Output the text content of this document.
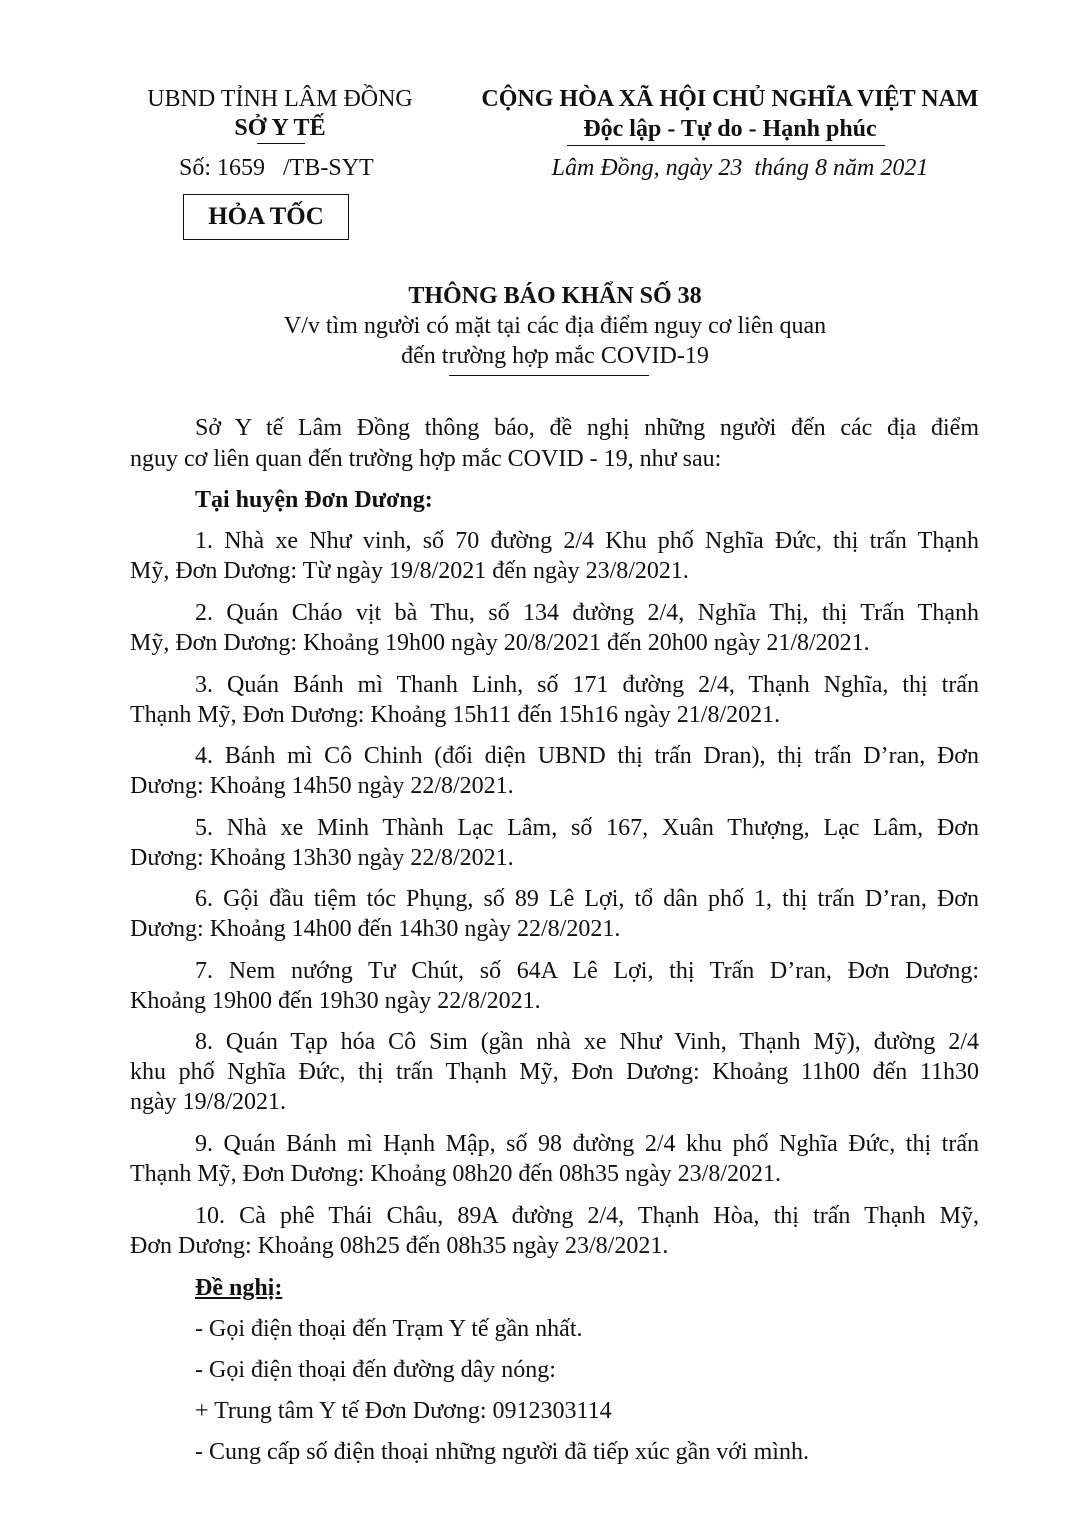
UBND TỈNH LÂM ĐỒNG
SỞ Y TẾ
Số: 1659   /TB-SYT
HỎA TỐC
CỘNG HÒA XÃ HỘI CHỦ NGHĨA VIỆT NAM
Độc lập - Tự do - Hạnh phúc
Lâm Đồng, ngày 23  tháng 8 năm 2021
THÔNG BÁO KHẨN SỐ 38
V/v tìm người có mặt tại các địa điểm nguy cơ liên quan
đến trường hợp mắc COVID-19
Sở Y tế Lâm Đồng thông báo, đề nghị những người đến các địa điểm
nguy cơ liên quan đến trường hợp mắc COVID - 19, như sau:
Tại huyện Đơn Dương:
1. Nhà xe Như vinh, số 70 đường 2/4 Khu phố Nghĩa Đức, thị trấn Thạnh
Mỹ, Đơn Dương: Từ ngày 19/8/2021 đến ngày 23/8/2021.
2. Quán Cháo vịt bà Thu, số 134 đường 2/4, Nghĩa Thị, thị Trấn Thạnh
Mỹ, Đơn Dương: Khoảng 19h00 ngày 20/8/2021 đến 20h00 ngày 21/8/2021.
3. Quán Bánh mì Thanh Linh, số 171 đường 2/4, Thạnh Nghĩa, thị trấn
Thạnh Mỹ, Đơn Dương: Khoảng 15h11 đến 15h16 ngày 21/8/2021.
4. Bánh mì Cô Chinh (đối diện UBND thị trấn Dran), thị trấn D’ran, Đơn
Dương: Khoảng 14h50 ngày 22/8/2021.
5. Nhà xe Minh Thành Lạc Lâm, số 167, Xuân Thượng, Lạc Lâm, Đơn
Dương: Khoảng 13h30 ngày 22/8/2021.
6. Gội đầu tiệm tóc Phụng, số 89 Lê Lợi, tổ dân phố 1, thị trấn D’ran, Đơn
Dương: Khoảng 14h00 đến 14h30 ngày 22/8/2021.
7. Nem nướng Tư Chút, số 64A Lê Lợi, thị Trấn D’ran, Đơn Dương:
Khoảng 19h00 đến 19h30 ngày 22/8/2021.
8. Quán Tạp hóa Cô Sim (gần nhà xe Như Vinh, Thạnh Mỹ), đường 2/4
khu phố Nghĩa Đức, thị trấn Thạnh Mỹ, Đơn Dương: Khoảng 11h00 đến 11h30
ngày 19/8/2021.
9. Quán Bánh mì Hạnh Mập, số 98 đường 2/4 khu phố Nghĩa Đức, thị trấn
Thạnh Mỹ, Đơn Dương: Khoảng 08h20 đến 08h35 ngày 23/8/2021.
10. Cà phê Thái Châu, 89A đường 2/4, Thạnh Hòa, thị trấn Thạnh Mỹ,
Đơn Dương: Khoảng 08h25 đến 08h35 ngày 23/8/2021.
Đề nghị:
- Gọi điện thoại đến Trạm Y tế gần nhất.
- Gọi điện thoại đến đường dây nóng:
+ Trung tâm Y tế Đơn Dương: 0912303114
- Cung cấp số điện thoại những người đã tiếp xúc gần với mình.
